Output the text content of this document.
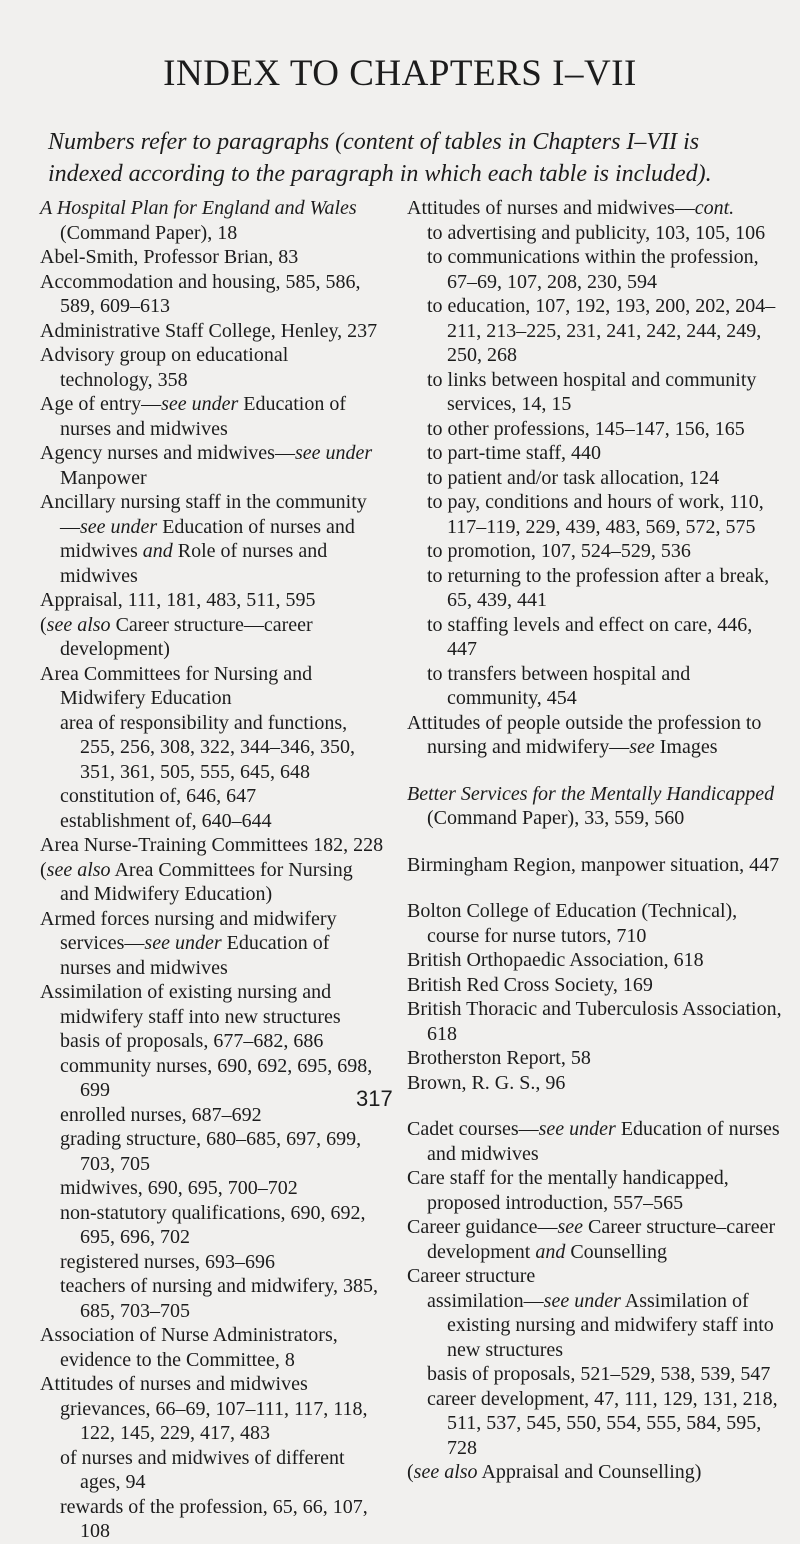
INDEX TO CHAPTERS I–VII

Numbers refer to paragraphs (content of tables in Chapters I–VII is indexed according to the paragraph in which each table is included).

A Hospital Plan for England and Wales (Command Paper), 18
Abel-Smith, Professor Brian, 83
Accommodation and housing, 585, 586, 589, 609–613
Administrative Staff College, Henley, 237
Advisory group on educational technology, 358
Age of entry—see under Education of nurses and midwives
Agency nurses and midwives—see under Manpower
Ancillary nursing staff in the community—see under Education of nurses and midwives and Role of nurses and midwives
Appraisal, 111, 181, 483, 511, 595
(see also Career structure—career development)
Area Committees for Nursing and Midwifery Education
area of responsibility and functions, 255, 256, 308, 322, 344–346, 350, 351, 361, 505, 555, 645, 648
constitution of, 646, 647
establishment of, 640–644
Area Nurse-Training Committees 182, 228
(see also Area Committees for Nursing and Midwifery Education)
Armed forces nursing and midwifery services—see under Education of nurses and midwives
Assimilation of existing nursing and midwifery staff into new structures
basis of proposals, 677–682, 686
community nurses, 690, 692, 695, 698, 699
enrolled nurses, 687–692
grading structure, 680–685, 697, 699, 703, 705
midwives, 690, 695, 700–702
non-statutory qualifications, 690, 692, 695, 696, 702
registered nurses, 693–696
teachers of nursing and midwifery, 385, 685, 703–705
Association of Nurse Administrators, evidence to the Committee, 8
Attitudes of nurses and midwives
grievances, 66–69, 107–111, 117, 118, 122, 145, 229, 417, 483
of nurses and midwives of different ages, 94
rewards of the profession, 65, 66, 107, 108
Attitudes of nurses and midwives—cont.
to advertising and publicity, 103, 105, 106
to communications within the profession, 67–69, 107, 208, 230, 594
to education, 107, 192, 193, 200, 202, 204–211, 213–225, 231, 241, 242, 244, 249, 250, 268
to links between hospital and community services, 14, 15
to other professions, 145–147, 156, 165
to part-time staff, 440
to patient and/or task allocation, 124
to pay, conditions and hours of work, 110, 117–119, 229, 439, 483, 569, 572, 575
to promotion, 107, 524–529, 536
to returning to the profession after a break, 65, 439, 441
to staffing levels and effect on care, 446, 447
to transfers between hospital and community, 454
Attitudes of people outside the profession to nursing and midwifery—see Images
Better Services for the Mentally Handicapped (Command Paper), 33, 559, 560
Birmingham Region, manpower situation, 447
Bolton College of Education (Technical), course for nurse tutors, 710
British Orthopaedic Association, 618
British Red Cross Society, 169
British Thoracic and Tuberculosis Association, 618
Brotherston Report, 58
Brown, R. G. S., 96
Cadet courses—see under Education of nurses and midwives
Care staff for the mentally handicapped, proposed introduction, 557–565
Career guidance—see Career structure–career development and Counselling
Career structure
assimilation—see under Assimilation of existing nursing and midwifery staff into new structures
basis of proposals, 521–529, 538, 539, 547
career development, 47, 111, 129, 131, 218, 511, 537, 545, 550, 554, 555, 584, 595, 728
(see also Appraisal and Counselling)
317
